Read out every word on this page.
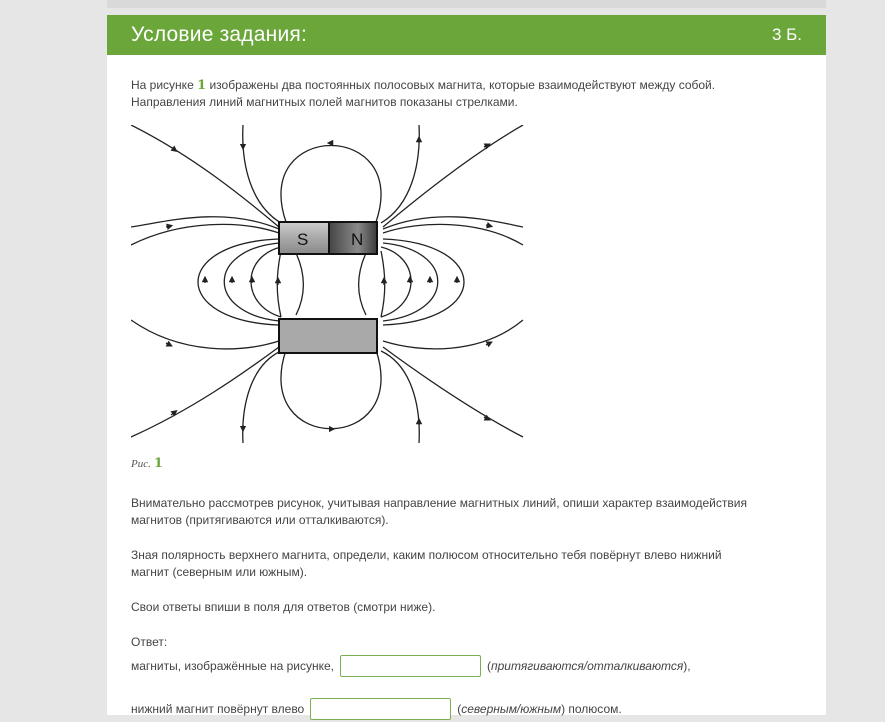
Условие задания:	3 Б.

На рисунке 1 изображены два постоянных полосовых магнита, которые взаимодействуют между собой.
Направления линий магнитных полей магнитов показаны стрелками.

S	N
Рис. 1

Внимательно рассмотрев рисунок, учитывая направление магнитных линий, опиши характер взаимодействия
магнитов (притягиваются или отталкиваются).

Зная полярность верхнего магнита, определи, каким полюсом относительно тебя повёрнут влево нижний
магнит (северным или южным).

Свои ответы впиши в поля для ответов (смотри ниже).

Ответ:
магниты, изображённые на рисунке,	(притягиваются/отталкиваются),
нижний магнит повёрнут влево	(северным/южным) полюсом.
